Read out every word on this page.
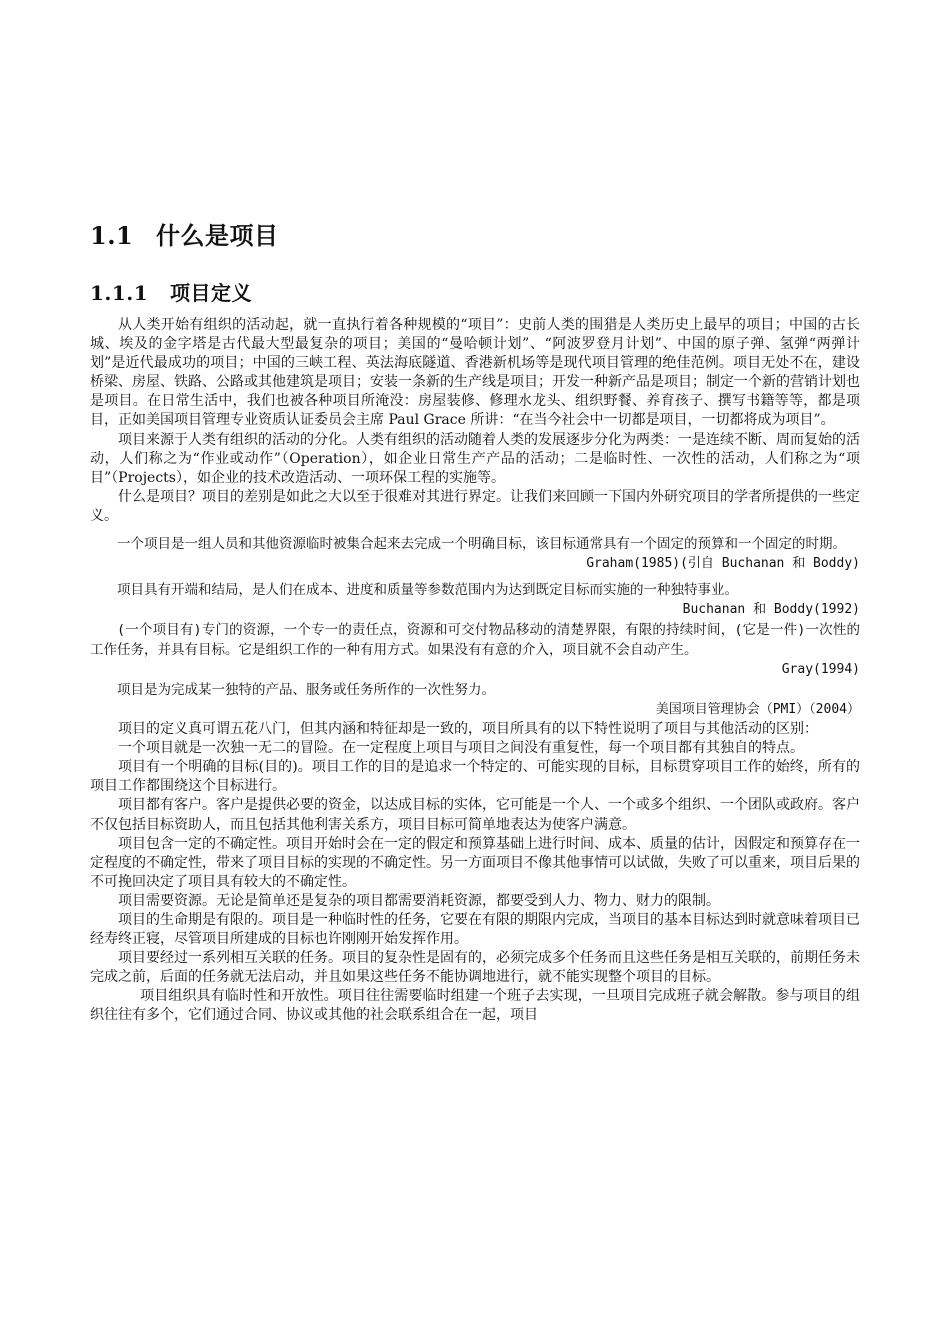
1.1 什么是项目
1.1.1 项目定义

从人类开始有组织的活动起，就一直执行着各种规模的“项目”：史前人类的围猎是人类历史上最早的项目；中国的古长城、埃及的金字塔是古代最大型最复杂的项目；美国的“曼哈顿计划”、“阿波罗登月计划”、中国的原子弹、氢弹“两弹计划”是近代最成功的项目；中国的三峡工程、英法海底隧道、香港新机场等是现代项目管理的绝佳范例。项目无处不在，建设桥梁、房屋、铁路、公路或其他建筑是项目；安装一条新的生产线是项目；开发一种新产品是项目；制定一个新的营销计划也是项目。在日常生活中，我们也被各种项目所淹没：房屋装修、修理水龙头、组织野餐、养育孩子、撰写书籍等等，都是项目，正如美国项目管理专业资质认证委员会主席 Paul Grace 所讲：“在当今社会中一切都是项目，一切都将成为项目”。

项目来源于人类有组织的活动的分化。人类有组织的活动随着人类的发展逐步分化为两类：一是连续不断、周而复始的活动，人们称之为“作业或动作”（Operation），如企业日常生产产品的活动；二是临时性、一次性的活动，人们称之为“项目”（Projects），如企业的技术改造活动、一项环保工程的实施等。

什么是项目？项目的差别是如此之大以至于很难对其进行界定。让我们来回顾一下国内外研究项目的学者所提供的一些定义。

一个项目是一组人员和其他资源临时被集合起来去完成一个明确目标，该目标通常具有一个固定的预算和一个固定的时期。

Graham(1985)(引自 Buchanan 和 Boddy)

项目具有开端和结局，是人们在成本、进度和质量等参数范围内为达到既定目标而实施的一种独特事业。

Buchanan 和 Boddy(1992)

(一个项目有)专门的资源，一个专一的责任点，资源和可交付物品移动的清楚界限，有限的持续时间，(它是一件)一次性的工作任务，并具有目标。它是组织工作的一种有用方式。如果没有有意的介入，项目就不会自动产生。

Gray(1994)

项目是为完成某一独特的产品、服务或任务所作的一次性努力。

美国项目管理协会（PMI）（2004）

项目的定义真可谓五花八门，但其内涵和特征却是一致的，项目所具有的以下特性说明了项目与其他活动的区别：

一个项目就是一次独一无二的冒险。在一定程度上项目与项目之间没有重复性，每一个项目都有其独自的特点。

项目有一个明确的目标(目的)。项目工作的目的是追求一个特定的、可能实现的目标，目标贯穿项目工作的始终，所有的项目工作都围绕这个目标进行。

项目都有客户。客户是提供必要的资金，以达成目标的实体，它可能是一个人、一个或多个组织、一个团队或政府。客户不仅包括目标资助人，而且包括其他利害关系方，项目目标可简单地表达为使客户满意。

项目包含一定的不确定性。项目开始时会在一定的假定和预算基础上进行时间、成本、质量的估计，因假定和预算存在一定程度的不确定性，带来了项目目标的实现的不确定性。另一方面项目不像其他事情可以试做，失败了可以重来，项目后果的不可挽回决定了项目具有较大的不确定性。

项目需要资源。无论是简单还是复杂的项目都需要消耗资源，都要受到人力、物力、财力的限制。

项目的生命期是有限的。项目是一种临时性的任务，它要在有限的期限内完成，当项目的基本目标达到时就意味着项目已经寿终正寝，尽管项目所建成的目标也许刚刚开始发挥作用。

项目要经过一系列相互关联的任务。项目的复杂性是固有的，必须完成多个任务而且这些任务是相互关联的，前期任务未完成之前，后面的任务就无法启动，并且如果这些任务不能协调地进行，就不能实现整个项目的目标。

项目组织具有临时性和开放性。项目往往需要临时组建一个班子去实现，一旦项目完成班子就会解散。参与项目的组织往往有多个，它们通过合同、协议或其他的社会联系组合在一起，项目
